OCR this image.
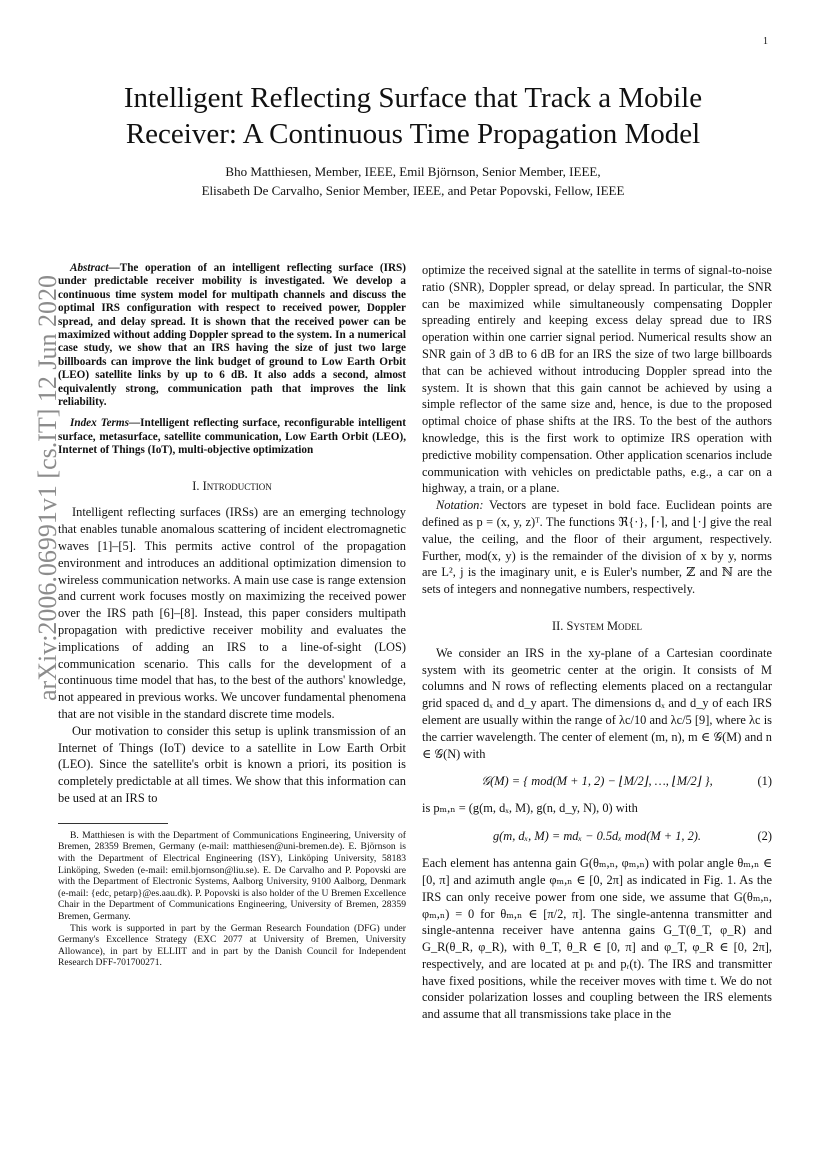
1
arXiv:2006.06991v1 [cs.IT] 12 Jun 2020
Intelligent Reflecting Surface that Track a Mobile
Receiver: A Continuous Time Propagation Model
Bho Matthiesen, Member, IEEE, Emil Björnson, Senior Member, IEEE,
Elisabeth De Carvalho, Senior Member, IEEE, and Petar Popovski, Fellow, IEEE

Abstract—The operation of an intelligent reflecting surface (IRS) under predictable receiver mobility is investigated. We develop a continuous time system model for multipath channels and discuss the optimal IRS configuration with respect to received power, Doppler spread, and delay spread. It is shown that the received power can be maximized without adding Doppler spread to the system. In a numerical case study, we show that an IRS having the size of just two large billboards can improve the link budget of ground to Low Earth Orbit (LEO) satellite links by up to 6 dB. It also adds a second, almost equivalently strong, communication path that improves the link reliability.

Index Terms—Intelligent reflecting surface, reconfigurable intelligent surface, metasurface, satellite communication, Low Earth Orbit (LEO), Internet of Things (IoT), multi-objective optimization

I. Introduction

Intelligent reflecting surfaces (IRSs) are an emerging technology that enables tunable anomalous scattering of incident electromagnetic waves [1]–[5]. This permits active control of the propagation environment and introduces an additional optimization dimension to wireless communication networks. A main use case is range extension and current work focuses mostly on maximizing the received power over the IRS path [6]–[8]. Instead, this paper considers multipath propagation with predictive receiver mobility and evaluates the implications of adding an IRS to a line-of-sight (LOS) communication scenario. This calls for the development of a continuous time model that has, to the best of the authors' knowledge, not appeared in previous works. We uncover fundamental phenomena that are not visible in the standard discrete time models.

Our motivation to consider this setup is uplink transmission of an Internet of Things (IoT) device to a satellite in Low Earth Orbit (LEO). Since the satellite's orbit is known a priori, its position is completely predictable at all times. We show that this information can be used at an IRS to

B. Matthiesen is with the Department of Communications Engineering, University of Bremen, 28359 Bremen, Germany (e-mail: matthiesen@uni-bremen.de). E. Björnson is with the Department of Electrical Engineering (ISY), Linköping University, 58183 Linköping, Sweden (e-mail: emil.bjornson@liu.se). E. De Carvalho and P. Popovski are with the Department of Electronic Systems, Aalborg University, 9100 Aalborg, Denmark (e-mail: {edc, petarp}@es.aau.dk). P. Popovski is also holder of the U Bremen Excellence Chair in the Department of Communications Engineering, University of Bremen, 28359 Bremen, Germany.

This work is supported in part by the German Research Foundation (DFG) under Germany's Excellence Strategy (EXC 2077 at University of Bremen, University Allowance), in part by ELLIIT and in part by the Danish Council for Independent Research DFF-701700271.

optimize the received signal at the satellite in terms of signal-to-noise ratio (SNR), Doppler spread, or delay spread. In particular, the SNR can be maximized while simultaneously compensating Doppler spreading entirely and keeping excess delay spread due to IRS operation within one carrier signal period. Numerical results show an SNR gain of 3 dB to 6 dB for an IRS the size of two large billboards that can be achieved without introducing Doppler spread into the system. It is shown that this gain cannot be achieved by using a simple reflector of the same size and, hence, is due to the proposed optimal choice of phase shifts at the IRS. To the best of the authors knowledge, this is the first work to optimize IRS operation with predictive mobility compensation. Other application scenarios include communication with vehicles on predictable paths, e.g., a car on a highway, a train, or a plane.

Notation: Vectors are typeset in bold face. Euclidean points are defined as p = (x, y, z)ᵀ. The functions ℜ{·}, ⌈·⌉, and ⌊·⌋ give the real value, the ceiling, and the floor of their argument, respectively. Further, mod(x, y) is the remainder of the division of x by y, norms are L², j is the imaginary unit, e is Euler's number, ℤ and ℕ are the sets of integers and nonnegative numbers, respectively.

II. System Model

We consider an IRS in the xy-plane of a Cartesian coordinate system with its geometric center at the origin. It consists of M columns and N rows of reflecting elements placed on a rectangular grid spaced dₓ and d_y apart. The dimensions dₓ and d_y of each IRS element are usually within the range of λc/10 and λc/5 [9], where λc is the carrier wavelength. The center of element (m, n), m ∈ 𝒢(M) and n ∈ 𝒢(N) with

𝒢(M) = { mod(M + 1, 2) − ⌊M/2⌋, …, ⌊M/2⌋ },	(1)

is pₘ,ₙ = (g(m, dₓ, M), g(n, d_y, N), 0) with

g(m, dₓ, M) = mdₓ − 0.5dₓ mod(M + 1, 2).	(2)

Each element has antenna gain G(θₘ,ₙ, φₘ,ₙ) with polar angle θₘ,ₙ ∈ [0, π] and azimuth angle φₘ,ₙ ∈ [0, 2π] as indicated in Fig. 1. As the IRS can only receive power from one side, we assume that G(θₘ,ₙ, φₘ,ₙ) = 0 for θₘ,ₙ ∈ [π/2, π]. The single-antenna transmitter and single-antenna receiver have antenna gains G_T(θ_T, φ_R) and G_R(θ_R, φ_R), with θ_T, θ_R ∈ [0, π] and φ_T, φ_R ∈ [0, 2π], respectively, and are located at pₜ and pᵣ(t). The IRS and transmitter have fixed positions, while the receiver moves with time t. We do not consider polarization losses and coupling between the IRS elements and assume that all transmissions take place in the
